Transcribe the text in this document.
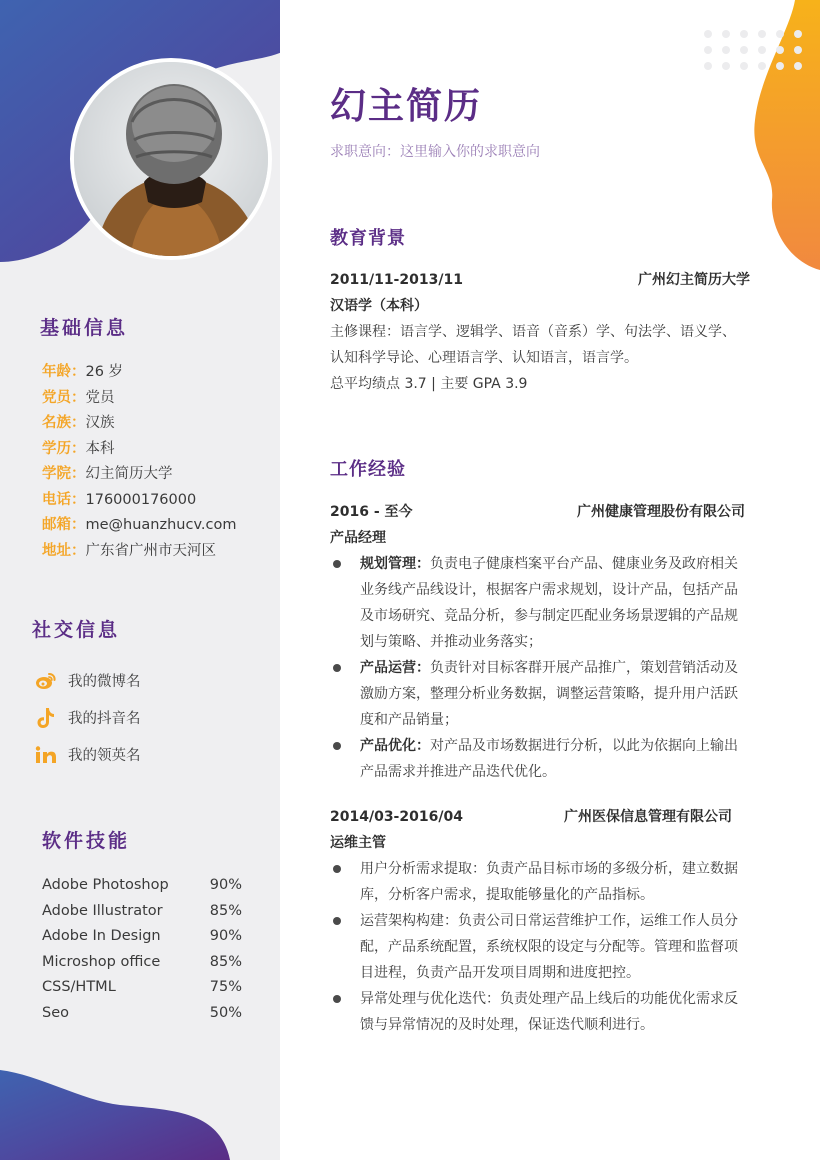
基础信息
年龄：26 岁
党员：党员
名族：汉族
学历：本科
学院：幻主简历大学
电话：176000176000
邮箱：me@huanzhucv.com
地址：广东省广州市天河区
社交信息
我的微博名
我的抖音名
我的领英名
软件技能
Adobe Photoshop	90%
Adobe Illustrator	85%
Adobe In Design	90%
Microshop office	85%
CSS/HTML	75%
Seo	50%
幻主简历
求职意向：这里输入你的求职意向
教育背景
2011/11-2013/11	广州幻主简历大学
汉语学（本科）
主修课程：语言学、逻辑学、语音（音系）学、句法学、语义学、
认知科学导论、心理语言学、认知语言，语言学。
总平均绩点 3.7 | 主要 GPA 3.9
工作经验
2016 - 至今	广州健康管理股份有限公司
产品经理
规划管理：负责电子健康档案平台产品、健康业务及政府相关业务线产品线设计，根据客户需求规划，设计产品，包括产品及市场研究、竞品分析，参与制定匹配业务场景逻辑的产品规划与策略、并推动业务落实；
产品运营：负责针对目标客群开展产品推广，策划营销活动及激励方案，整理分析业务数据，调整运营策略，提升用户活跃度和产品销量；
产品优化：对产品及市场数据进行分析，以此为依据向上输出产品需求并推进产品迭代优化。
2014/03-2016/04	广州医保信息管理有限公司
运维主管
用户分析需求提取：负责产品目标市场的多级分析，建立数据库，分析客户需求，提取能够量化的产品指标。
运营架构构建：负责公司日常运营维护工作，运维工作人员分配，产品系统配置，系统权限的设定与分配等。管理和监督项目进程，负责产品开发项目周期和进度把控。
异常处理与优化迭代：负责处理产品上线后的功能优化需求反馈与异常情况的及时处理，保证迭代顺利进行。
